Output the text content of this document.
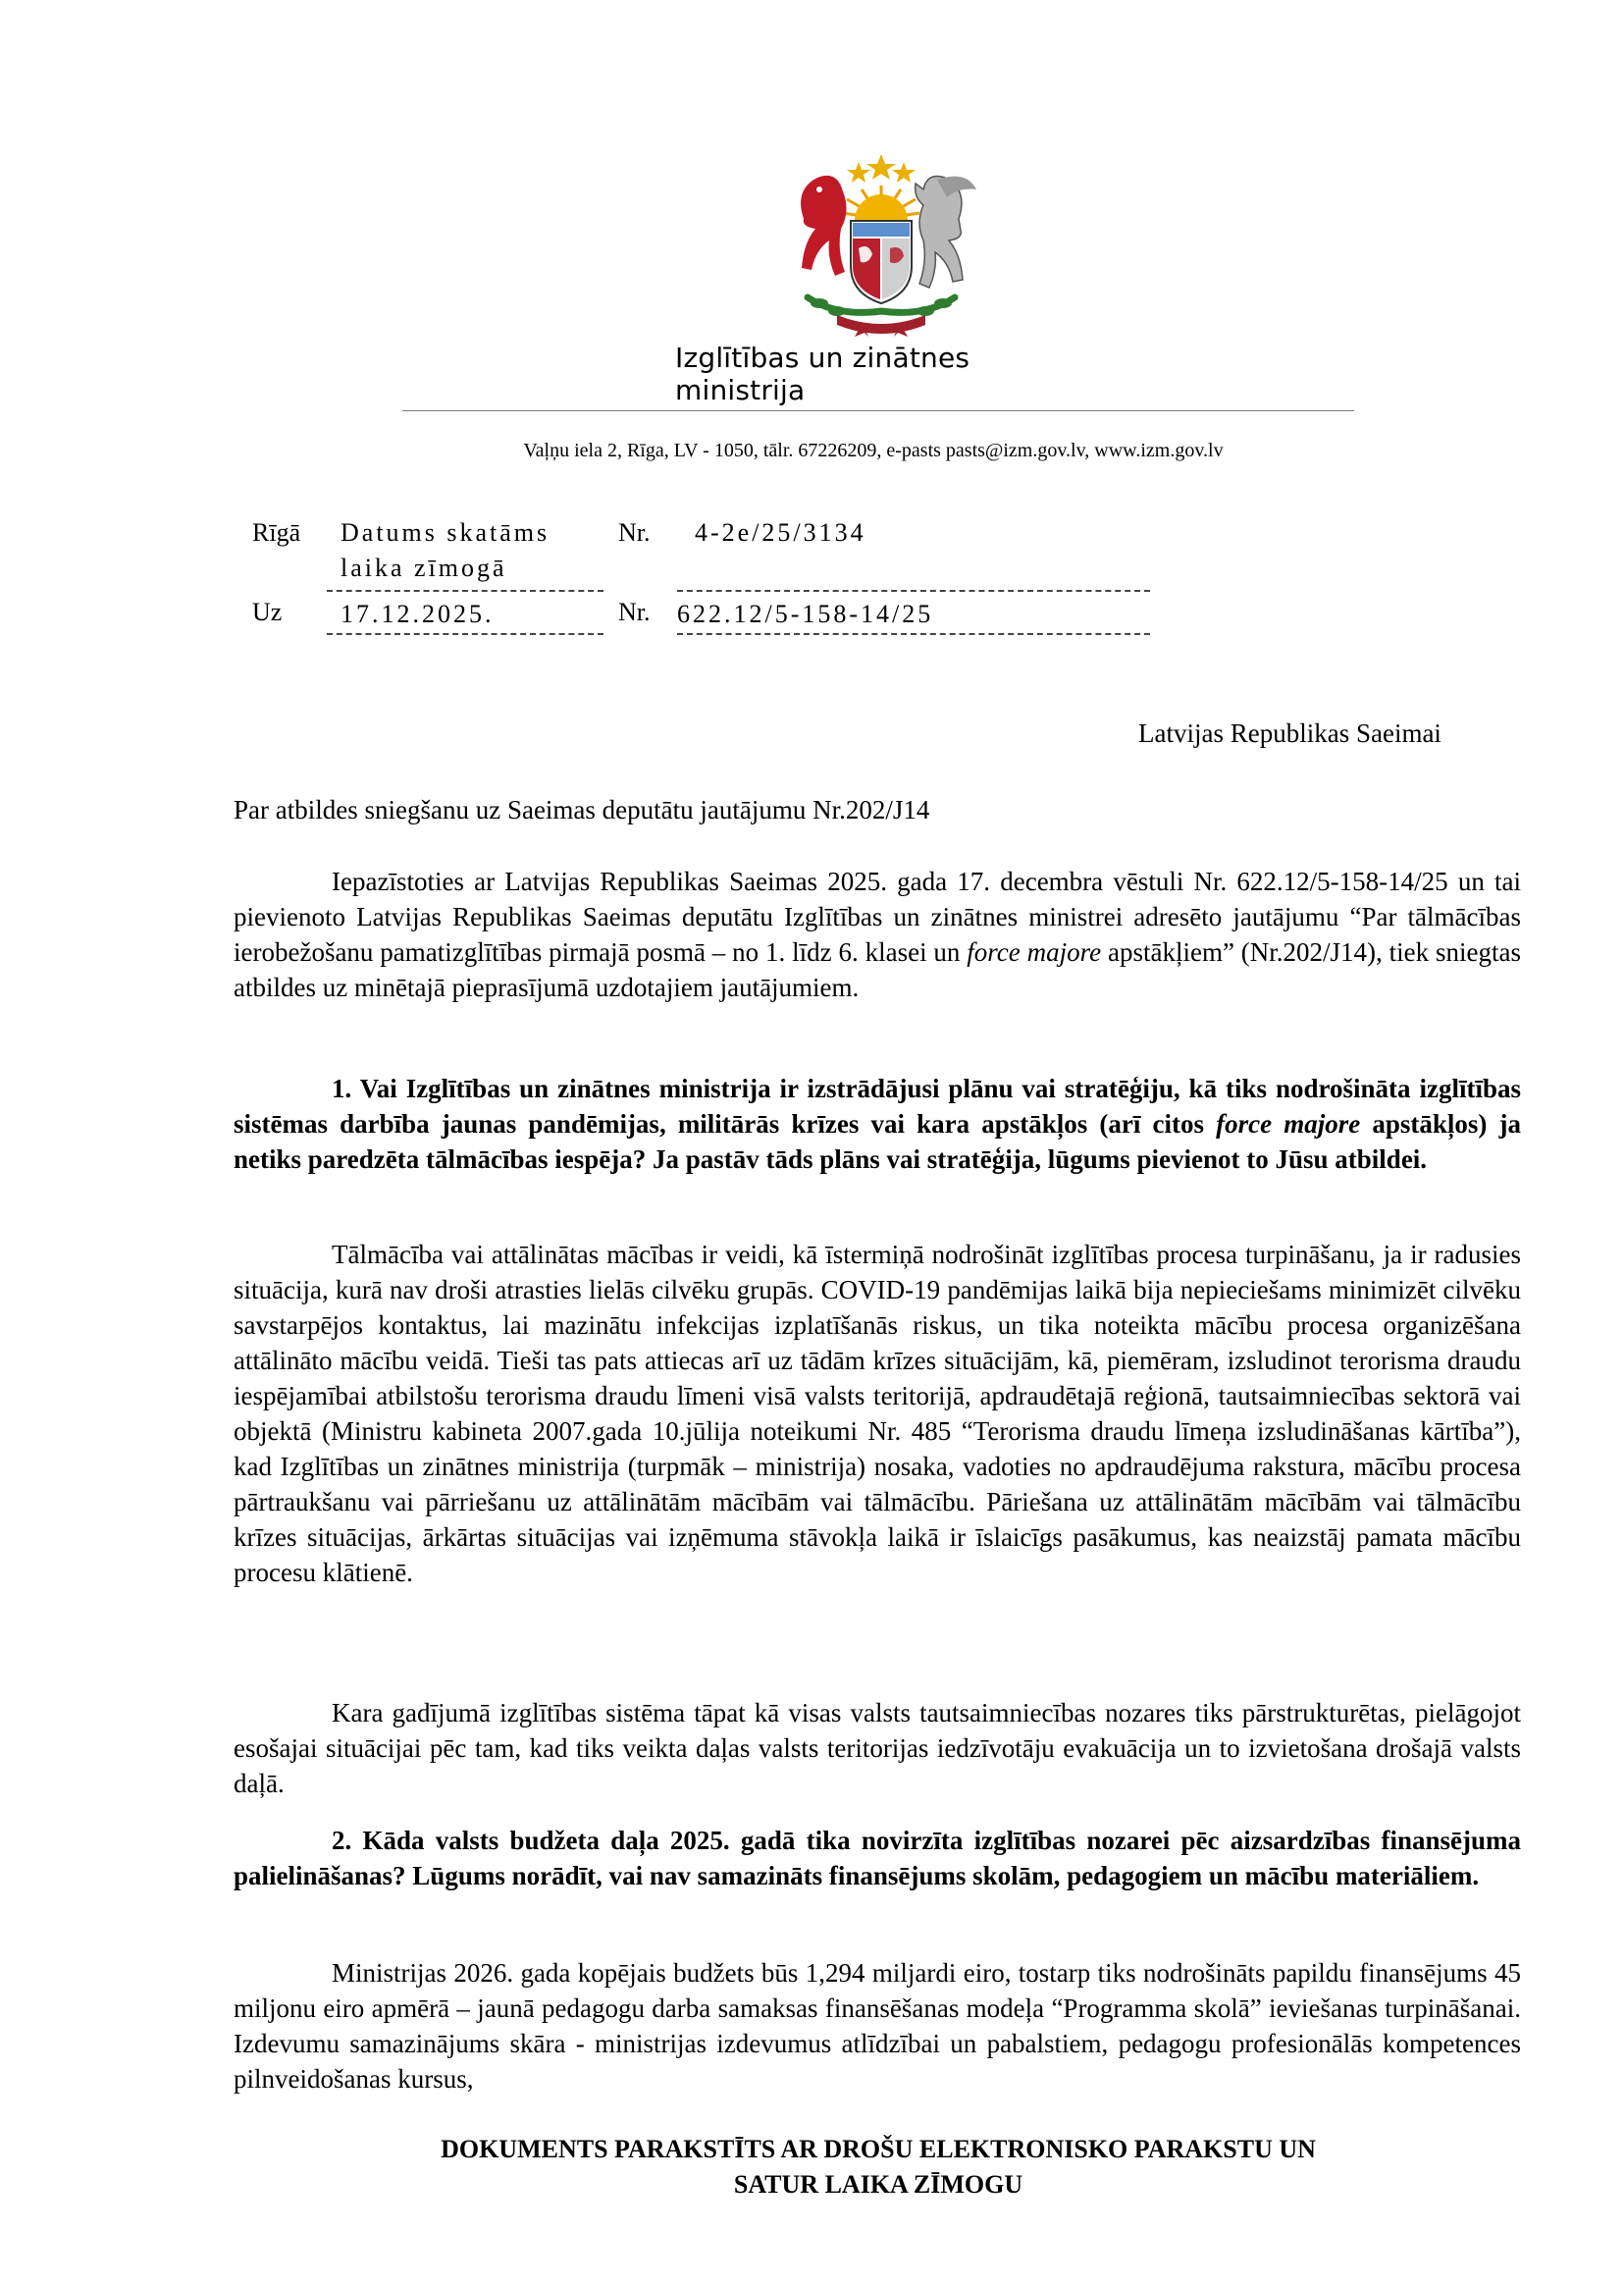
Izglītības un zinātnes ministrija
Vaļņu iela 2, Rīga, LV - 1050, tālr. 67226209, e-pasts pasts@izm.gov.lv, www.izm.gov.lv
Rīgā Datums skatāms
laika zīmogā
Nr. 4-2e/25/3134
Uz 17.12.2025.	Nr. 622.12/5-158-14/25
Latvijas Republikas Saeimai
Par atbildes sniegšanu uz Saeimas deputātu jautājumu Nr.202/J14

Iepazīstoties ar Latvijas Republikas Saeimas 2025. gada 17. decembra vēstuli Nr. 622.12/5-158-14/25 un tai pievienoto Latvijas Republikas Saeimas deputātu Izglītības un zinātnes ministrei adresēto jautājumu “Par tālmācības ierobežošanu pamatizglītības pirmajā posmā – no 1. līdz 6. klasei un force majore apstākļiem” (Nr.202/J14), tiek sniegtas atbildes uz minētajā pieprasījumā uzdotajiem jautājumiem.

1. Vai Izglītības un zinātnes ministrija ir izstrādājusi plānu vai stratēģiju, kā tiks nodrošināta izglītības sistēmas darbība jaunas pandēmijas, militārās krīzes vai kara apstākļos (arī citos force majore apstākļos) ja netiks paredzēta tālmācības iespēja? Ja pastāv tāds plāns vai stratēģija, lūgums pievienot to Jūsu atbildei.

Tālmācība vai attālinātas mācības ir veidi, kā īstermiņā nodrošināt izglītības procesa turpināšanu, ja ir radusies situācija, kurā nav droši atrasties lielās cilvēku grupās. COVID-19 pandēmijas laikā bija nepieciešams minimizēt cilvēku savstarpējos kontaktus, lai mazinātu infekcijas izplatīšanās riskus, un tika noteikta mācību procesa organizēšana attālināto mācību veidā. Tieši tas pats attiecas arī uz tādām krīzes situācijām, kā, piemēram, izsludinot terorisma draudu iespējamībai atbilstošu terorisma draudu līmeni visā valsts teritorijā, apdraudētajā reģionā, tautsaimniecības sektorā vai objektā (Ministru kabineta 2007.gada 10.jūlija noteikumi Nr. 485 “Terorisma draudu līmeņa izsludināšanas kārtība”), kad Izglītības un zinātnes ministrija (turpmāk – ministrija) nosaka, vadoties no apdraudējuma rakstura, mācību procesa pārtraukšanu vai pārriešanu uz attālinātām mācībām vai tālmācību. Pāriešana uz attālinātām mācībām vai tālmācību krīzes situācijas, ārkārtas situācijas vai izņēmuma stāvokļa laikā ir īslaicīgs pasākumus, kas neaizstāj pamata mācību procesu klātienē.

Kara gadījumā izglītības sistēma tāpat kā visas valsts tautsaimniecības nozares tiks pārstrukturētas, pielāgojot esošajai situācijai pēc tam, kad tiks veikta daļas valsts teritorijas iedzīvotāju evakuācija un to izvietošana drošajā valsts daļā.

2. Kāda valsts budžeta daļa 2025. gadā tika novirzīta izglītības nozarei pēc aizsardzības finansējuma palielināšanas? Lūgums norādīt, vai nav samazināts finansējums skolām, pedagogiem un mācību materiāliem.

Ministrijas 2026. gada kopējais budžets būs 1,294 miljardi eiro, tostarp tiks nodrošināts papildu finansējums 45 miljonu eiro apmērā – jaunā pedagogu darba samaksas finansēšanas modeļa “Programma skolā” ieviešanas turpināšanai. Izdevumu samazinājums skāra - ministrijas izdevumus atlīdzībai un pabalstiem, pedagogu profesionālās kompetences pilnveidošanas kursus,

DOKUMENTS PARAKSTĪTS AR DROŠU ELEKTRONISKO PARAKSTU UN
SATUR LAIKA ZĪMOGU
